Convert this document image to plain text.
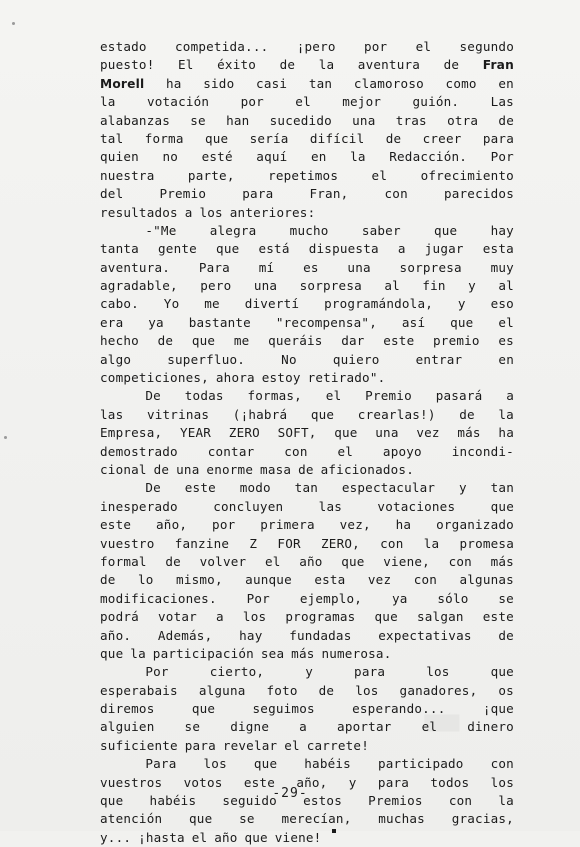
estado competida... ¡pero por el segundo
puesto! El éxito de la aventura de Fran
Morell ha sido casi tan clamoroso como en
la votación por el mejor guión. Las
alabanzas se han sucedido una tras otra de
tal forma que sería difícil de creer para
quien no esté aquí en la Redacción. Por
nuestra	parte,	repetimos	el	ofrecimiento
del	Premio	para	Fran,	con	parecidos
resultados a los anteriores:
-"Me	alegra	mucho	saber	que	hay
tanta gente que está dispuesta a jugar esta
aventura. Para mí es una sorpresa muy
agradable, pero una sorpresa al fin y al
cabo. Yo me divertí programándola, y eso
era ya bastante "recompensa", así que el
hecho de que me queráis dar este premio es
algo	superfluo.	No	quiero	entrar	en
competiciones, ahora estoy retirado".
De todas formas, el Premio pasará a
las vitrinas (¡habrá que crearlas!) de la
Empresa, YEAR ZERO SOFT, que una vez más ha
demostrado contar con el apoyo incondi-
cional de una enorme masa de aficionados.
De este modo tan espectacular y tan
inesperado	concluyen	las	votaciones	que
este año, por primera vez, ha organizado
vuestro fanzine Z FOR ZERO, con la promesa
formal de volver el año que viene, con más
de lo mismo, aunque esta vez con algunas
modificaciones. Por ejemplo, ya sólo se
podrá votar a los programas que salgan este
año. Además, hay fundadas expectativas de
que la participación sea más numerosa.
Por	cierto,	y	para	los	que
esperabais alguna foto de los ganadores, os
diremos	que	seguimos	esperando...	¡que
alguien se digne a aportar el dinero
suficiente para revelar el carrete!
Para los que habéis participado con
vuestros votos este año, y para todos los
que habéis seguido estos Premios con la
atención que se merecían, muchas gracias,
y... ¡hasta el año que viene!
-29-
